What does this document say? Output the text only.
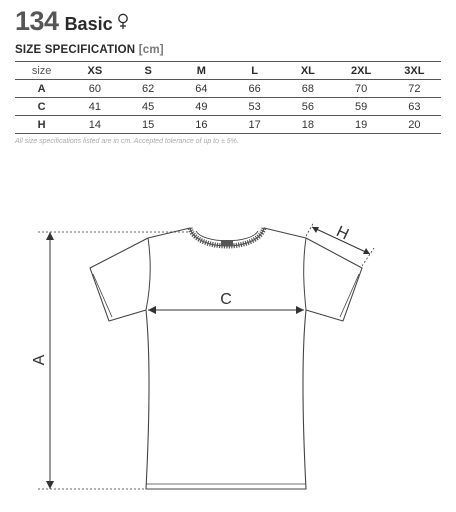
134 Basic
SIZE SPECIFICATION [cm]
size	XS	S	M	L	XL	2XL	3XL
A	60	62	64	66	68	70	72
C	41	45	49	53	56	59	63
H	14	15	16	17	18	19	20
All size specifications listed are in cm. Accepted tolerance of up to ± 5%.
A
C
H
